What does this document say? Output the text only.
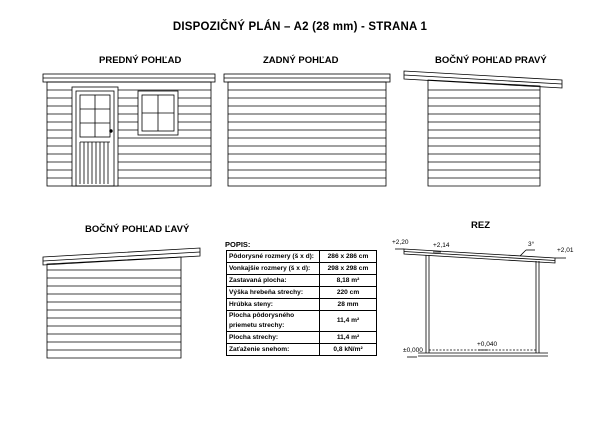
DISPOZIČNÝ PLÁN – A2 (28 mm) - STRANA 1
PREDNÝ POHĽAD	ZADNÝ POHĽAD	BOČNÝ POHĽAD PRAVÝ
BOČNÝ POHĽAD ĽAVÝ	REZ
POPIS:
Pôdorysné rozmery (š x d):	286 x 286 cm
Vonkajšie rozmery (š x d):	298 x 298 cm
Zastavaná plocha:	8,18 m²
Výška hrebeňa strechy:	220 cm
Hrúbka steny:	28 mm
Plocha pôdorysného priemetu strechy:	11,4 m²
Plocha strechy:	11,4 m²
Zaťaženie snehom:	0,8 kN/m²
+2,20	+2,14	3°
+2,01
±0,000
+0,040
